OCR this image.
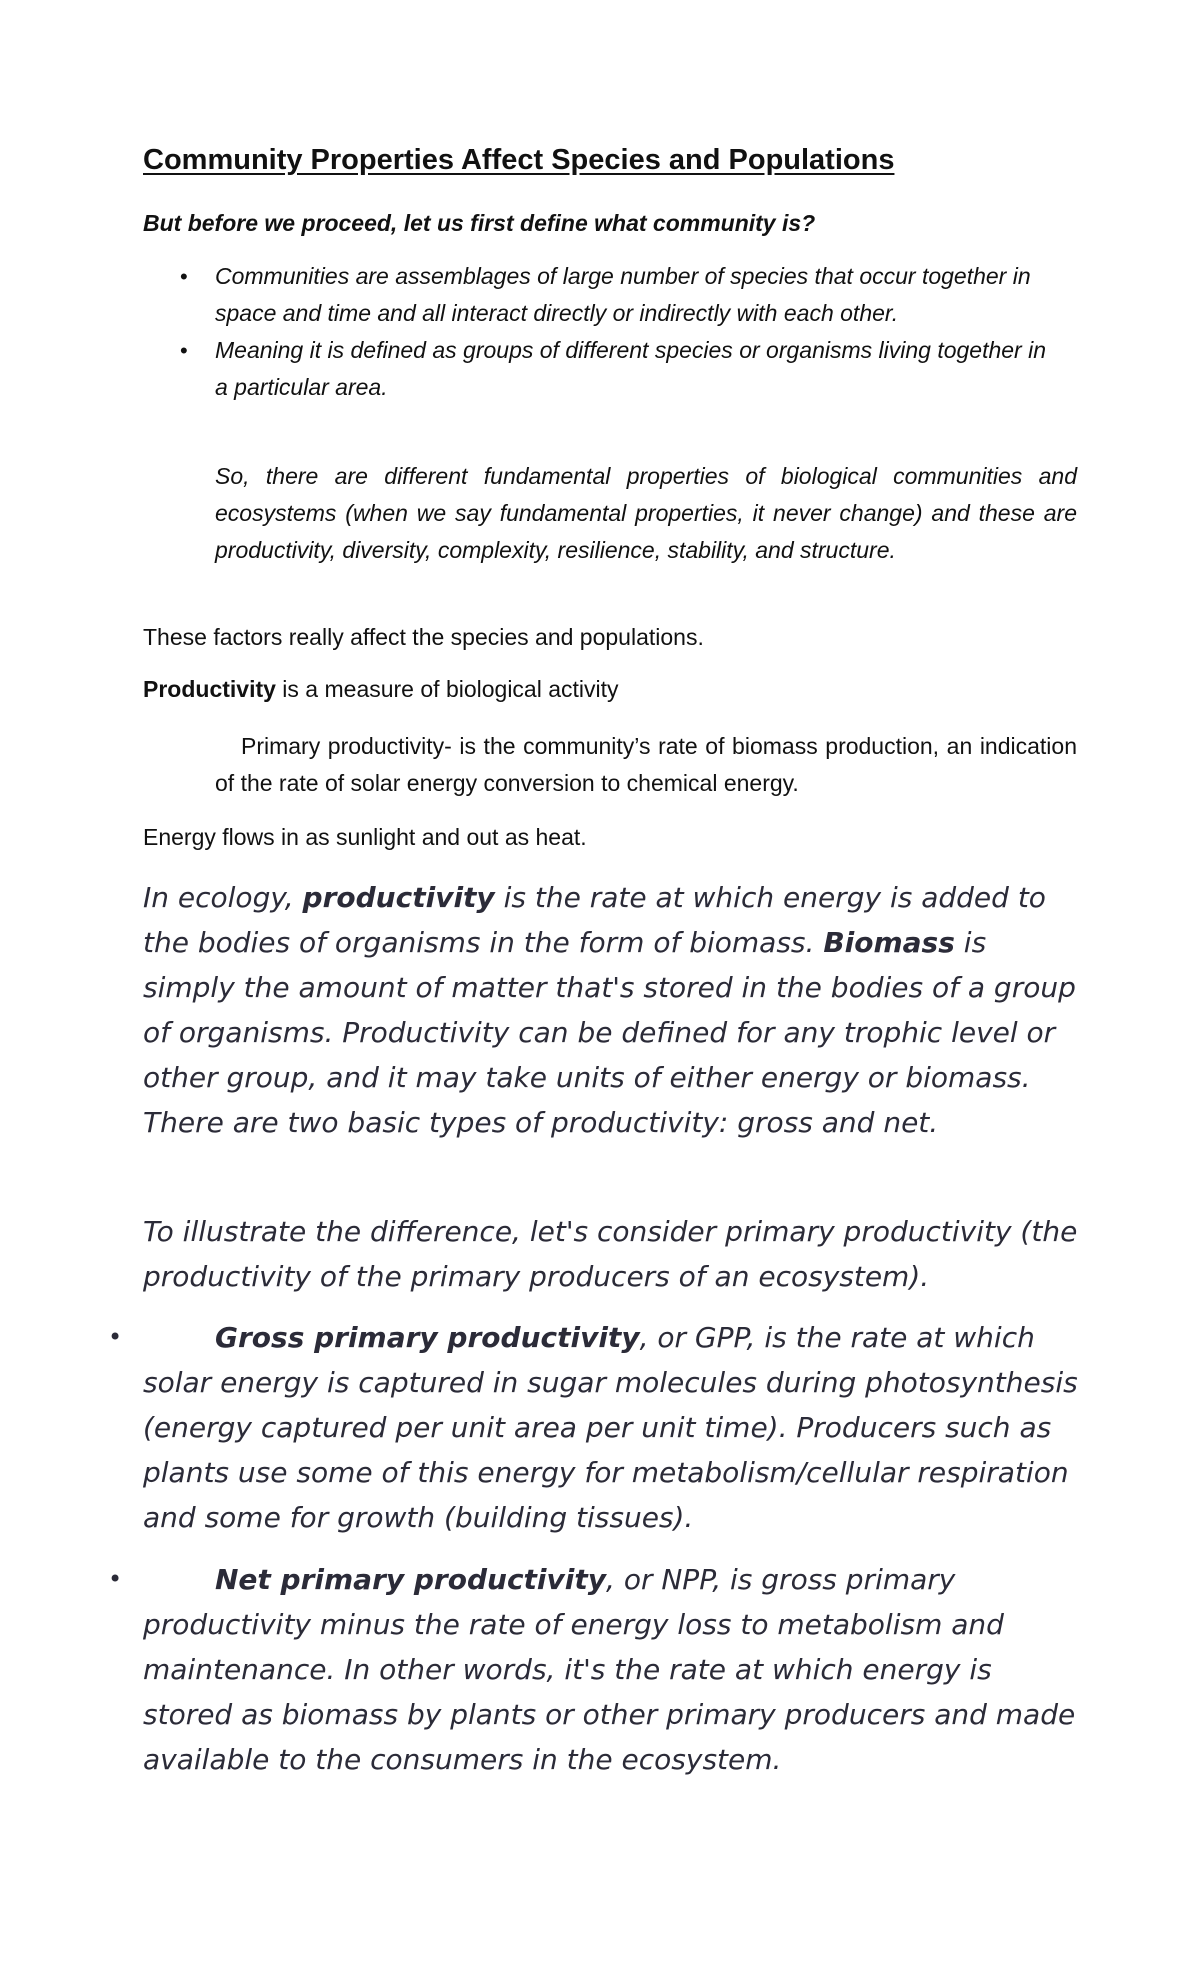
Community Properties Affect Species and Populations

But before we proceed, let us first define what community is?

• Communities are assemblages of large number of species that occur together in space and time and all interact directly or indirectly with each other.
• Meaning it is defined as groups of different species or organisms living together in a particular area.

So, there are different fundamental properties of biological communities and ecosystems (when we say fundamental properties, it never change) and these are productivity, diversity, complexity, resilience, stability, and structure.

These factors really affect the species and populations.

Productivity is a measure of biological activity

Primary productivity- is the community’s rate of biomass production, an indication of the rate of solar energy conversion to chemical energy.

Energy flows in as sunlight and out as heat.

In ecology, productivity is the rate at which energy is added to the bodies of organisms in the form of biomass. Biomass is simply the amount of matter that's stored in the bodies of a group of organisms. Productivity can be defined for any trophic level or other group, and it may take units of either energy or biomass. There are two basic types of productivity: gross and net.

To illustrate the difference, let's consider primary productivity (the productivity of the primary producers of an ecosystem).

•	Gross primary productivity, or GPP, is the rate at which solar energy is captured in sugar molecules during photosynthesis (energy captured per unit area per unit time). Producers such as plants use some of this energy for metabolism/cellular respiration and some for growth (building tissues).
•	Net primary productivity, or NPP, is gross primary productivity minus the rate of energy loss to metabolism and maintenance. In other words, it's the rate at which energy is stored as biomass by plants or other primary producers and made available to the consumers in the ecosystem.
